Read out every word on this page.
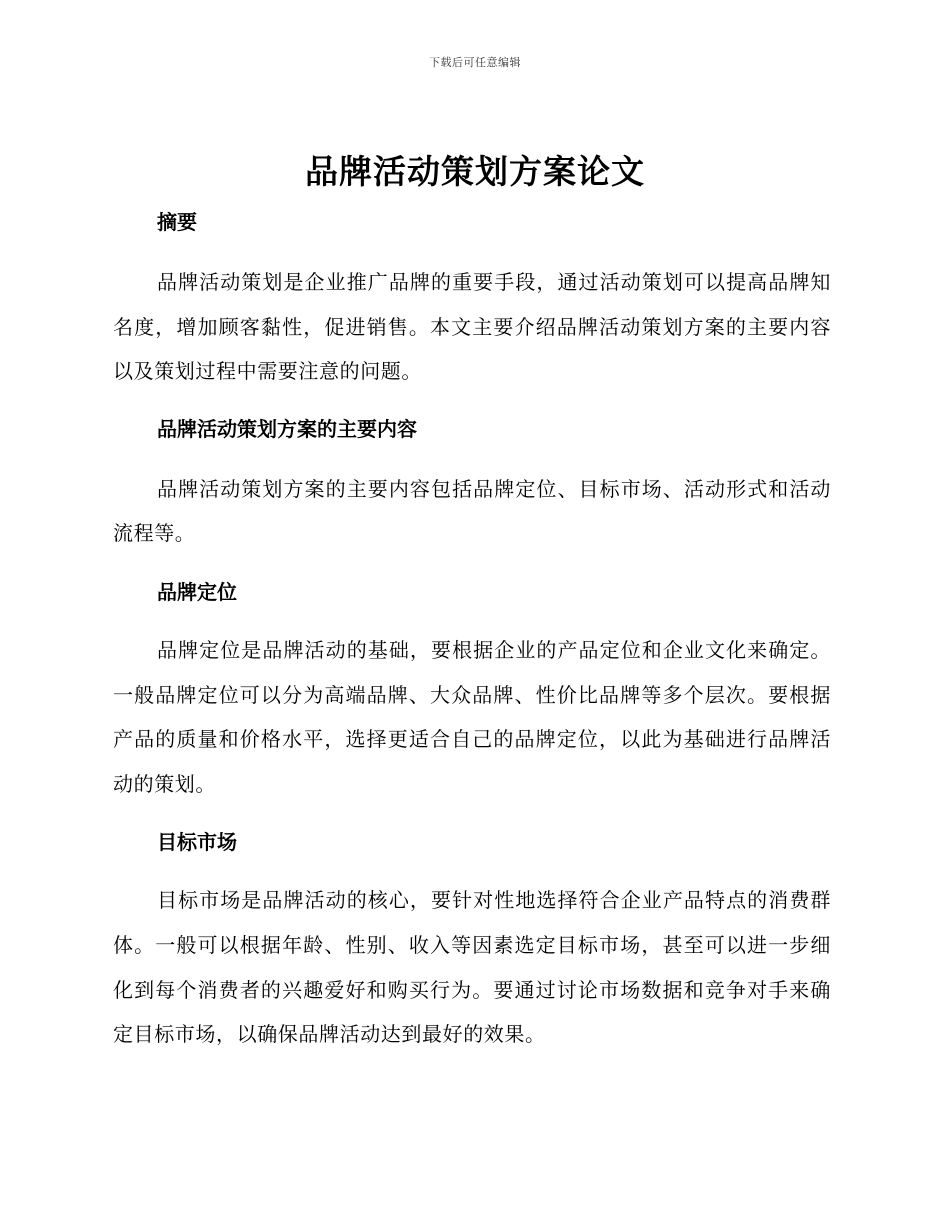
下载后可任意编辑
品牌活动策划方案论文
摘要

品牌活动策划是企业推广品牌的重要手段，通过活动策划可以提高品牌知名度，增加顾客黏性，促进销售。本文主要介绍品牌活动策划方案的主要内容以及策划过程中需要注意的问题。

品牌活动策划方案的主要内容

品牌活动策划方案的主要内容包括品牌定位、目标市场、活动形式和活动流程等。

品牌定位

品牌定位是品牌活动的基础，要根据企业的产品定位和企业文化来确定。一般品牌定位可以分为高端品牌、大众品牌、性价比品牌等多个层次。要根据产品的质量和价格水平，选择更适合自己的品牌定位，以此为基础进行品牌活动的策划。

目标市场

目标市场是品牌活动的核心，要针对性地选择符合企业产品特点的消费群体。一般可以根据年龄、性别、收入等因素选定目标市场，甚至可以进一步细化到每个消费者的兴趣爱好和购买行为。要通过讨论市场数据和竞争对手来确定目标市场，以确保品牌活动达到最好的效果。
